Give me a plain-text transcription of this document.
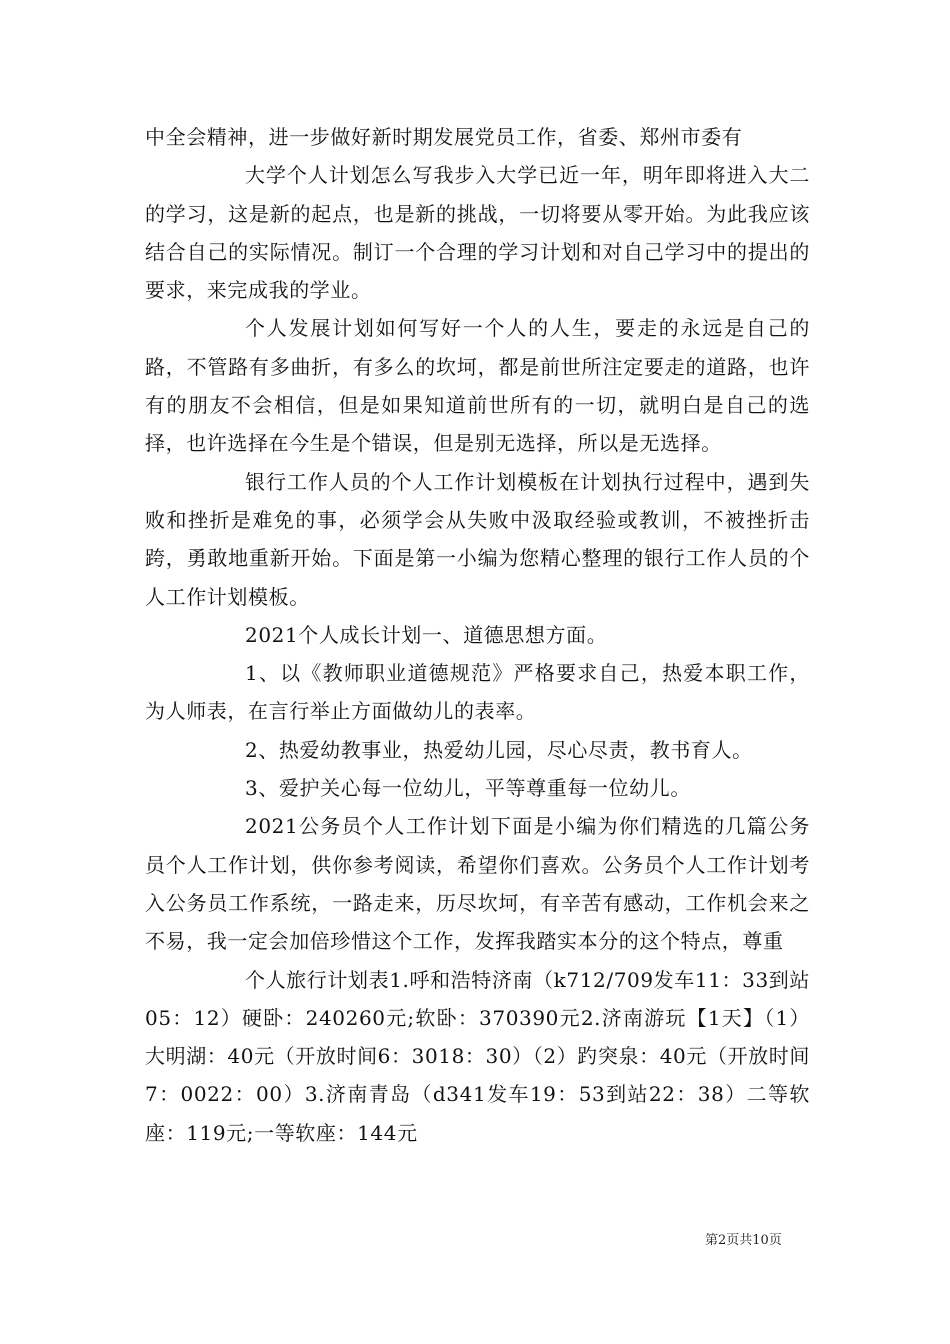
中全会精神，进一步做好新时期发展党员工作，省委、郑州市委有

大学个人计划怎么写我步入大学已近一年，明年即将进入大二的学习，这是新的起点，也是新的挑战，一切将要从零开始。为此我应该结合自己的实际情况。制订一个合理的学习计划和对自己学习中的提出的要求，来完成我的学业。

个人发展计划如何写好一个人的人生，要走的永远是自己的路，不管路有多曲折，有多么的坎坷，都是前世所注定要走的道路，也许有的朋友不会相信，但是如果知道前世所有的一切，就明白是自己的选择，也许选择在今生是个错误，但是别无选择，所以是无选择。

银行工作人员的个人工作计划模板在计划执行过程中，遇到失败和挫折是难免的事，必须学会从失败中汲取经验或教训，不被挫折击跨，勇敢地重新开始。下面是第一小编为您精心整理的银行工作人员的个人工作计划模板。

2021个人成长计划一、道德思想方面。

1、以《教师职业道德规范》严格要求自己，热爱本职工作，为人师表，在言行举止方面做幼儿的表率。

2、热爱幼教事业，热爱幼儿园，尽心尽责，教书育人。

3、爱护关心每一位幼儿，平等尊重每一位幼儿。

2021公务员个人工作计划下面是小编为你们精选的几篇公务员个人工作计划，供你参考阅读，希望你们喜欢。公务员个人工作计划考入公务员工作系统，一路走来，历尽坎坷，有辛苦有感动，工作机会来之不易，我一定会加倍珍惜这个工作，发挥我踏实本分的这个特点，尊重

个人旅行计划表1.呼和浩特济南（k712/709发车11：33到站05：12）硬卧：240260元;软卧：370390元2.济南游玩【1天】（1）大明湖：40元（开放时间6：3018：30）（2）趵突泉：40元（开放时间7：0022：00）3.济南青岛（d341发车19：53到站22：38）二等软座：119元;一等软座：144元

第2页共10页
